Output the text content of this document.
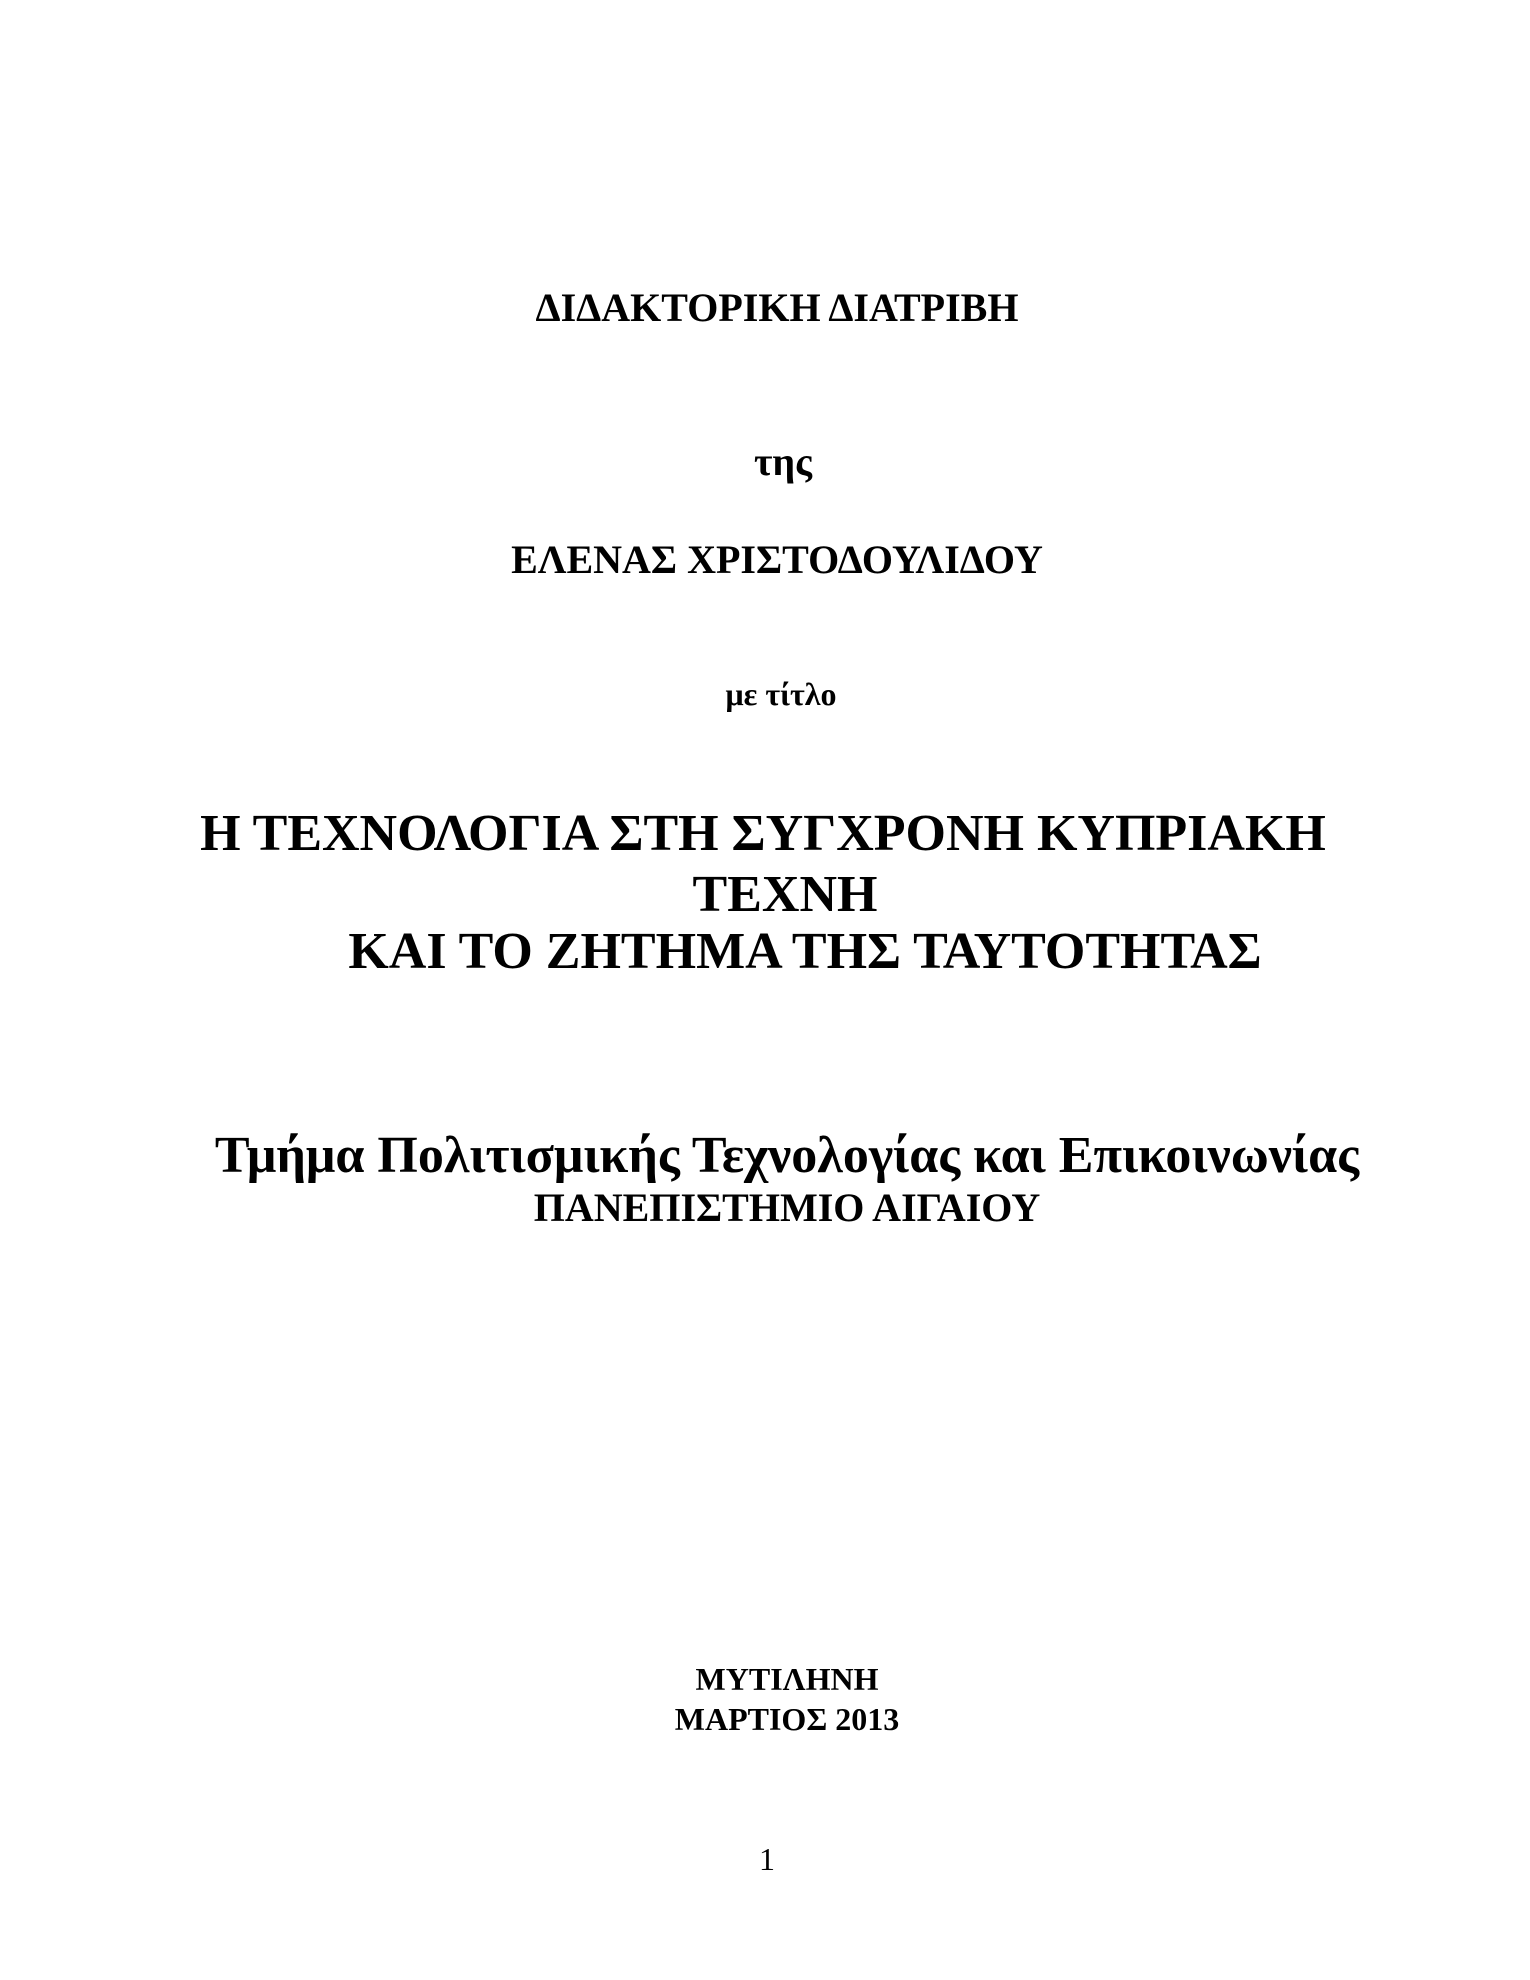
ΔΙΔΑΚΤΟΡΙΚΗ ΔΙΑΤΡΙΒΗ

της

ΕΛΕΝΑΣ ΧΡΙΣΤΟΔΟΥΛΙΔΟΥ

με τίτλο

Η ΤΕΧΝΟΛΟΓΙΑ ΣΤΗ ΣΥΓΧΡΟΝΗ ΚΥΠΡΙΑΚΗ

ΤΕΧΝΗ

ΚΑΙ ΤΟ ΖΗΤΗΜΑ ΤΗΣ ΤΑΥΤΟΤΗΤΑΣ

Τμήμα Πολιτισμικής Τεχνολογίας και Επικοινωνίας

ΠΑΝΕΠΙΣΤΗΜΙΟ ΑΙΓΑΙΟΥ

ΜΥΤΙΛΗΝΗ

ΜΑΡΤΙΟΣ 2013

1
